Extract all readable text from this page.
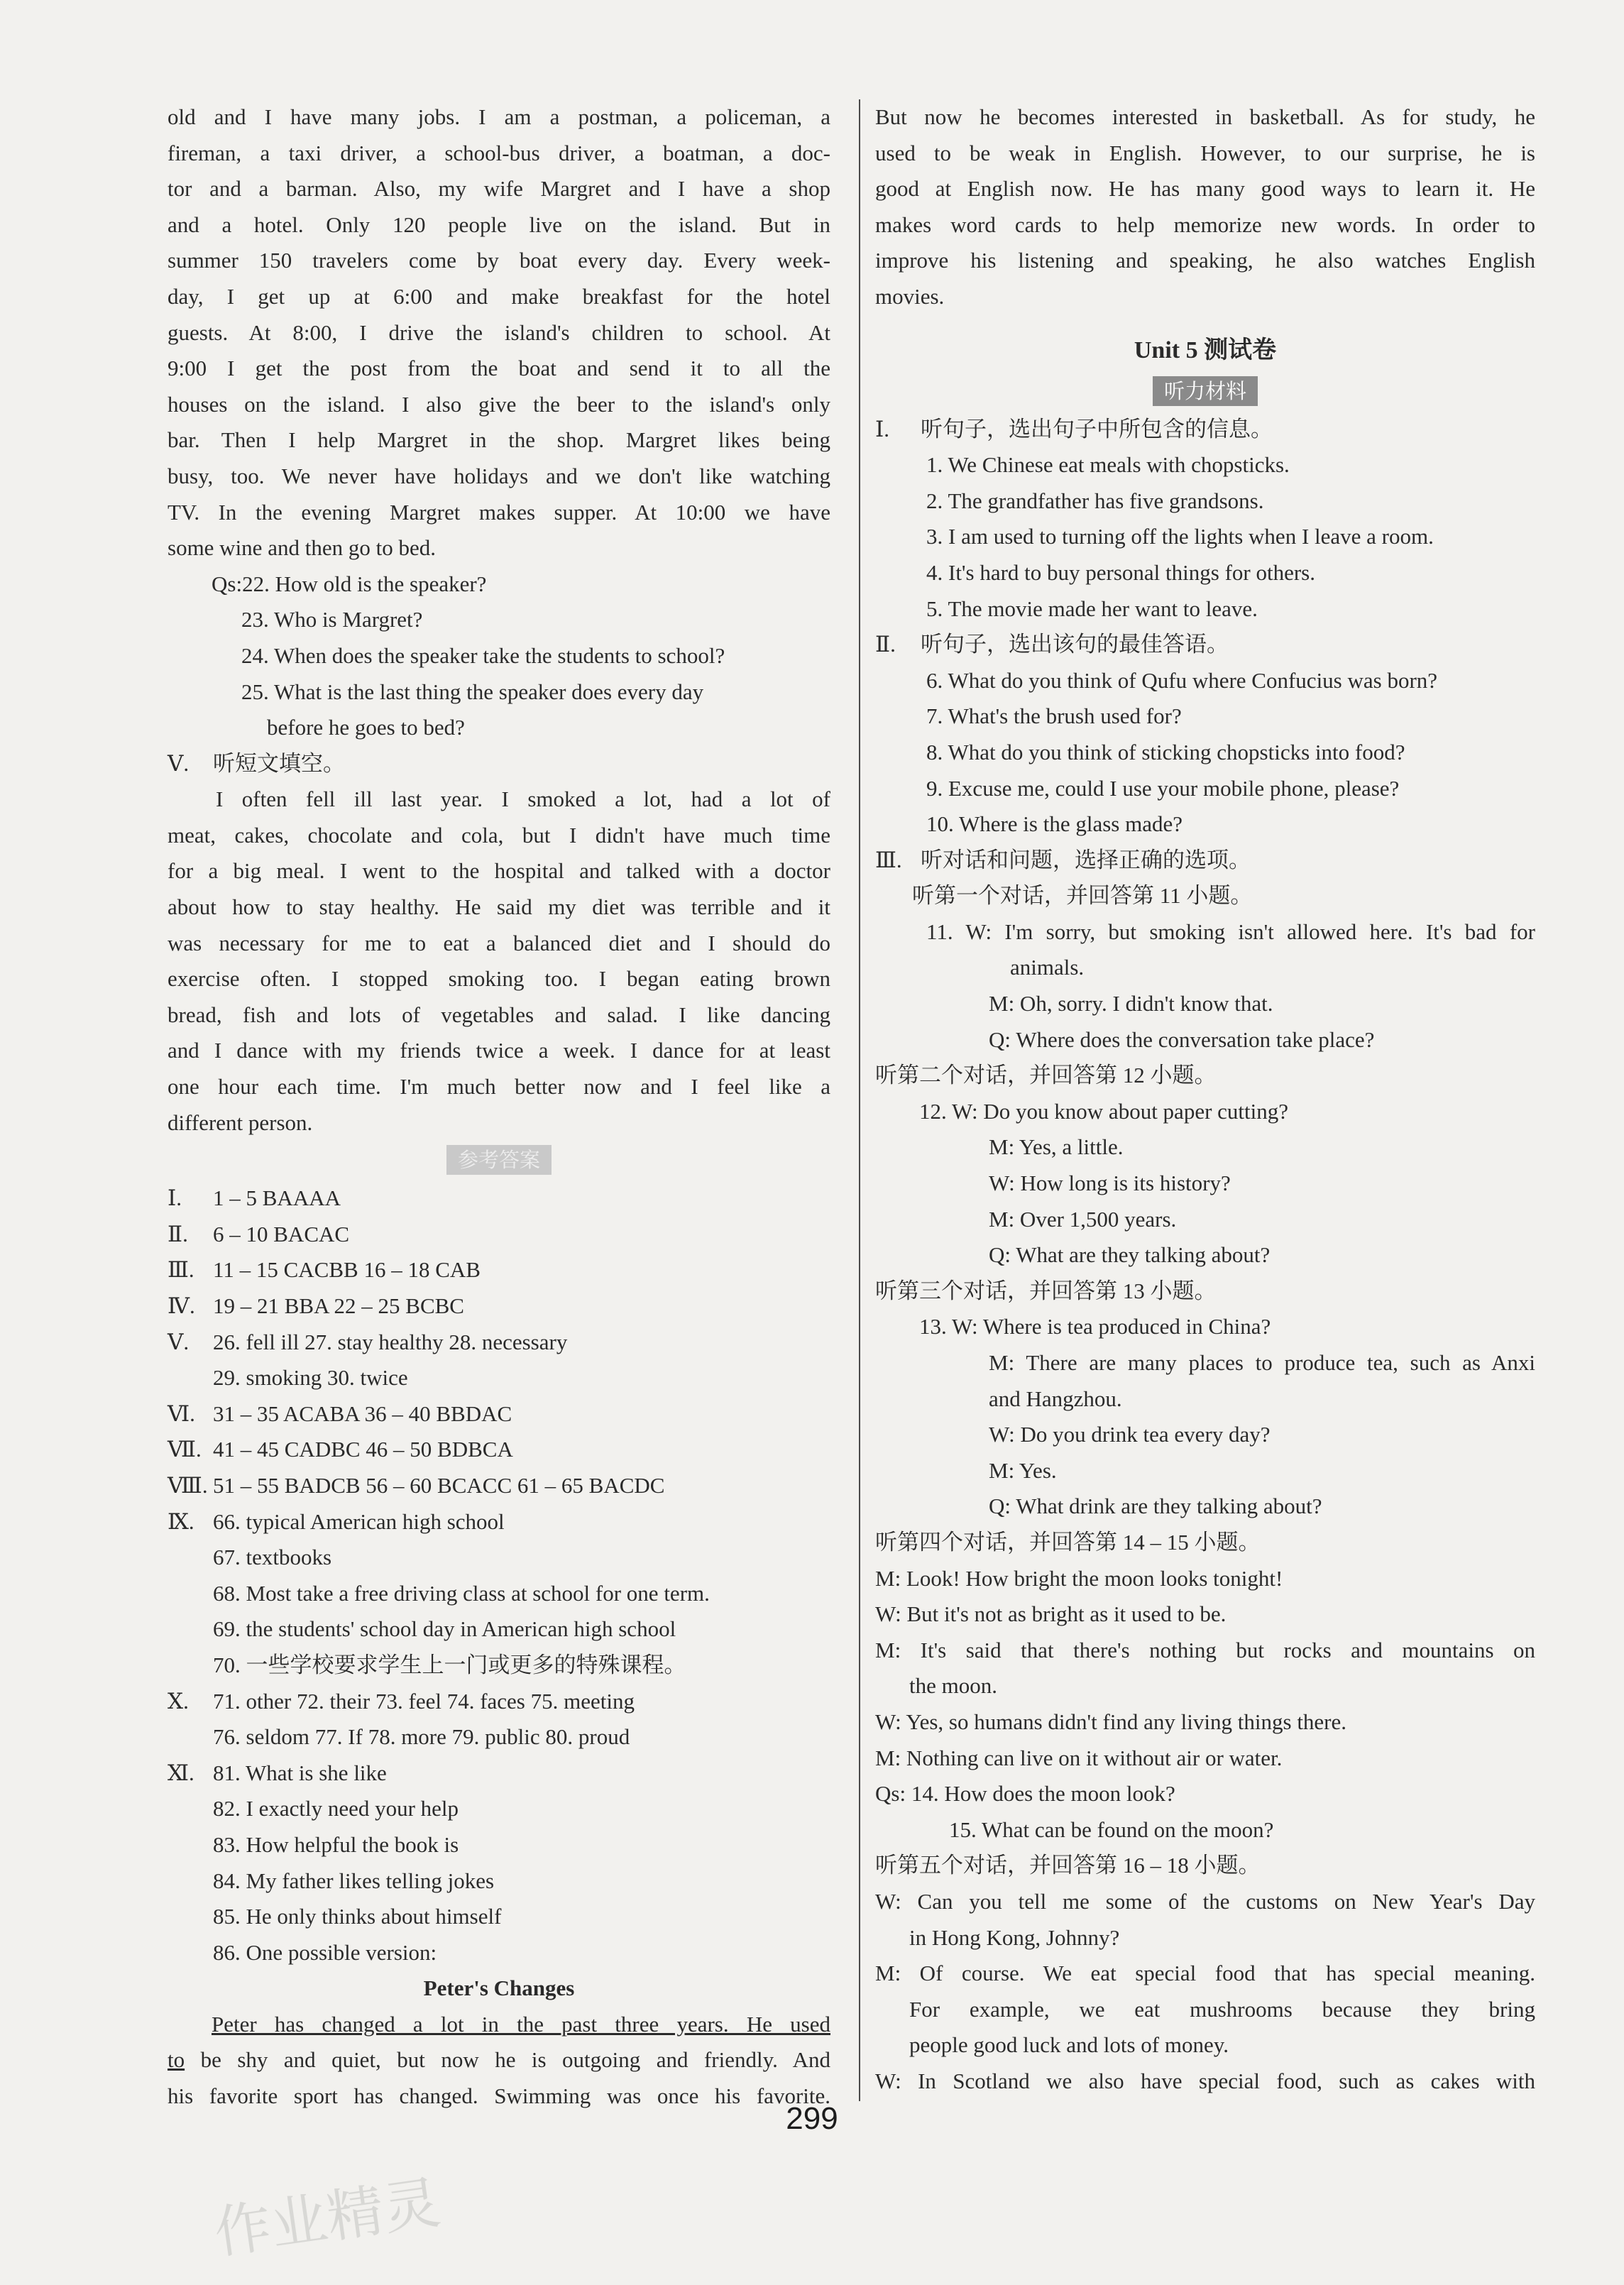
old and I have many jobs. I am a postman, a policeman, a
fireman, a taxi driver, a school-bus driver, a boatman, a doc-
tor and a barman. Also, my wife Margret and I have a shop
and a hotel. Only 120 people live on the island. But in
summer 150 travelers come by boat every day. Every week-
day, I get up at 6:00 and make breakfast for the hotel
guests. At 8:00, I drive the island's children to school. At
9:00 I get the post from the boat and send it to all the
houses on the island. I also give the beer to the island's only
bar. Then I help Margret in the shop. Margret likes being
busy, too. We never have holidays and we don't like watching
TV. In the evening Margret makes supper. At 10:00 we have
some wine and then go to bed.
Qs:22. How old is the speaker?
23. Who is Margret?
24. When does the speaker take the students to school?
25. What is the last thing the speaker does every day
before he goes to bed?
Ⅴ. 听短文填空。
I often fell ill last year. I smoked a lot, had a lot of
meat, cakes, chocolate and cola, but I didn't have much time
for a big meal. I went to the hospital and talked with a doctor
about how to stay healthy. He said my diet was terrible and it
was necessary for me to eat a balanced diet and I should do
exercise often. I stopped smoking too. I began eating brown
bread, fish and lots of vegetables and salad. I like dancing
and I dance with my friends twice a week. I dance for at least
one hour each time. I'm much better now and I feel like a
different person.
参考答案
Ⅰ. 1 – 5 BAAAA
Ⅱ. 6 – 10 BACAC
Ⅲ. 11 – 15 CACBB 16 – 18 CAB
Ⅳ. 19 – 21 BBA 22 – 25 BCBC
Ⅴ. 26. fell ill 27. stay healthy 28. necessary
29. smoking 30. twice
Ⅵ. 31 – 35 ACABA 36 – 40 BBDAC
Ⅶ. 41 – 45 CADBC 46 – 50 BDBCA
Ⅷ. 51 – 55 BADCB 56 – 60 BCACC 61 – 65 BACDC
Ⅸ. 66. typical American high school
67. textbooks
68. Most take a free driving class at school for one term.
69. the students' school day in American high school
70. 一些学校要求学生上一门或更多的特殊课程。
Ⅹ. 71. other 72. their 73. feel 74. faces 75. meeting
76. seldom 77. If 78. more 79. public 80. proud
Ⅺ. 81. What is she like
82. I exactly need your help
83. How helpful the book is
84. My father likes telling jokes
85. He only thinks about himself
86. One possible version:
Peter's Changes
Peter has changed a lot in the past three years. He used
to be shy and quiet, but now he is outgoing and friendly. And
his favorite sport has changed. Swimming was once his favorite.
But now he becomes interested in basketball. As for study, he
used to be weak in English. However, to our surprise, he is
good at English now. He has many good ways to learn it. He
makes word cards to help memorize new words. In order to
improve his listening and speaking, he also watches English
movies.
Unit 5 测试卷
听力材料
Ⅰ. 听句子，选出句子中所包含的信息。
1. We Chinese eat meals with chopsticks.
2. The grandfather has five grandsons.
3. I am used to turning off the lights when I leave a room.
4. It's hard to buy personal things for others.
5. The movie made her want to leave.
Ⅱ. 听句子，选出该句的最佳答语。
6. What do you think of Qufu where Confucius was born?
7. What's the brush used for?
8. What do you think of sticking chopsticks into food?
9. Excuse me, could I use your mobile phone, please?
10. Where is the glass made?
Ⅲ. 听对话和问题，选择正确的选项。
听第一个对话，并回答第 11 小题。
11. W: I'm sorry, but smoking isn't allowed here. It's bad for
animals.
M: Oh, sorry. I didn't know that.
Q: Where does the conversation take place?
听第二个对话，并回答第 12 小题。
12. W: Do you know about paper cutting?
M: Yes, a little.
W: How long is its history?
M: Over 1,500 years.
Q: What are they talking about?
听第三个对话，并回答第 13 小题。
13. W: Where is tea produced in China?
M: There are many places to produce tea, such as Anxi
and Hangzhou.
W: Do you drink tea every day?
M: Yes.
Q: What drink are they talking about?
听第四个对话，并回答第 14 – 15 小题。
M: Look! How bright the moon looks tonight!
W: But it's not as bright as it used to be.
M: It's said that there's nothing but rocks and mountains on
the moon.
W: Yes, so humans didn't find any living things there.
M: Nothing can live on it without air or water.
Qs: 14. How does the moon look?
15. What can be found on the moon?
听第五个对话，并回答第 16 – 18 小题。
W: Can you tell me some of the customs on New Year's Day
in Hong Kong, Johnny?
M: Of course. We eat special food that has special meaning.
For example, we eat mushrooms because they bring
people good luck and lots of money.
W: In Scotland we also have special food, such as cakes with
299
作业精灵
